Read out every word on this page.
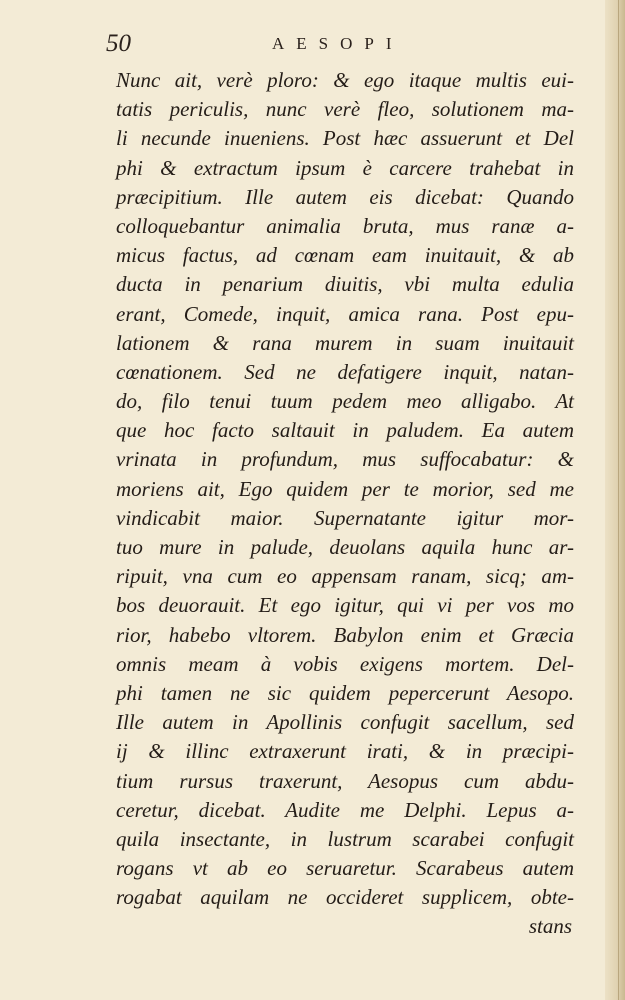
50	AESOPI
Nunc ait, verè ploro: & ego itaque multis eui-
tatis periculis, nunc verè fleo, solutionem ma-
li necunde inueniens. Post hæc assuerunt et Del
phi & extractum ipsum è carcere trahebat in
præcipitium. Ille autem eis dicebat: Quando
colloquebantur animalia bruta, mus ranæ a-
micus factus, ad cœnam eam inuitauit, & ab
ducta in penarium diuitis, vbi multa edulia
erant, Comede, inquit, amica rana. Post epu-
lationem & rana murem in suam inuitauit
cœnationem. Sed ne defatigere inquit, natan-
do, filo tenui tuum pedem meo alligabo. At
que hoc facto saltauit in paludem. Ea autem
vrinata in profundum, mus suffocabatur: &
moriens ait, Ego quidem per te morior, sed me
vindicabit maior. Supernatante igitur mor-
tuo mure in palude, deuolans aquila hunc ar-
ripuit, vna cum eo appensam ranam, sicq; am-
bos deuorauit. Et ego igitur, qui vi per vos mo
rior, habebo vltorem. Babylon enim et Græcia
omnis meam à vobis exigens mortem. Del-
phi tamen ne sic quidem pepercerunt Aesopo.
Ille autem in Apollinis confugit sacellum, sed
ij & illinc extraxerunt irati, & in præcipi-
tium rursus traxerunt, Aesopus cum abdu-
ceretur, dicebat. Audite me Delphi. Lepus a-
quila insectante, in lustrum scarabei confugit
rogans vt ab eo seruaretur. Scarabeus autem
rogabat aquilam ne occideret supplicem, obte-
stans
